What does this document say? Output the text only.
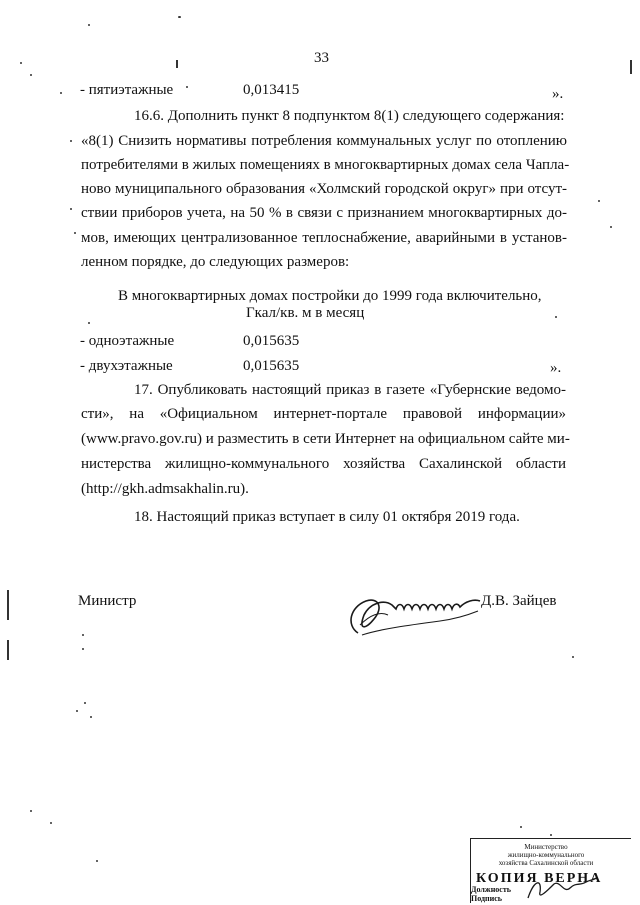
33
- пятиэтажные	0,013415	».
16.6. Дополнить пункт 8 подпунктом 8(1) следующего содержания:
«8(1) Снизить нормативы потребления коммунальных услуг по отоплению
потребителями в жилых помещениях в многоквартирных домах села Чапла-
ново муниципального образования «Холмский городской округ» при отсут-
ствии приборов учета, на 50 % в связи с признанием многоквартирных до-
мов, имеющих централизованное теплоснабжение, аварийными в установ-
ленном порядке, до следующих размеров:
В многоквартирных домах постройки до 1999 года включительно,
Гкал/кв. м в месяц
- одноэтажные	0,015635
- двухэтажные	0,015635	».
17. Опубликовать настоящий приказ в газете «Губернские ведомо-
сти», на «Официальном интернет-портале правовой информации»
(www.pravo.gov.ru) и разместить в сети Интернет на официальном сайте ми-
нистерства жилищно-коммунального хозяйства Сахалинской области
(http://gkh.admsakhalin.ru).
18. Настоящий приказ вступает в силу 01 октября 2019 года.
Министр	Д.В. Зайцев
Министерство
жилищно-коммунального
хозяйства Сахалинской области
КОПИЯ ВЕРНА
Должность
Подпись
